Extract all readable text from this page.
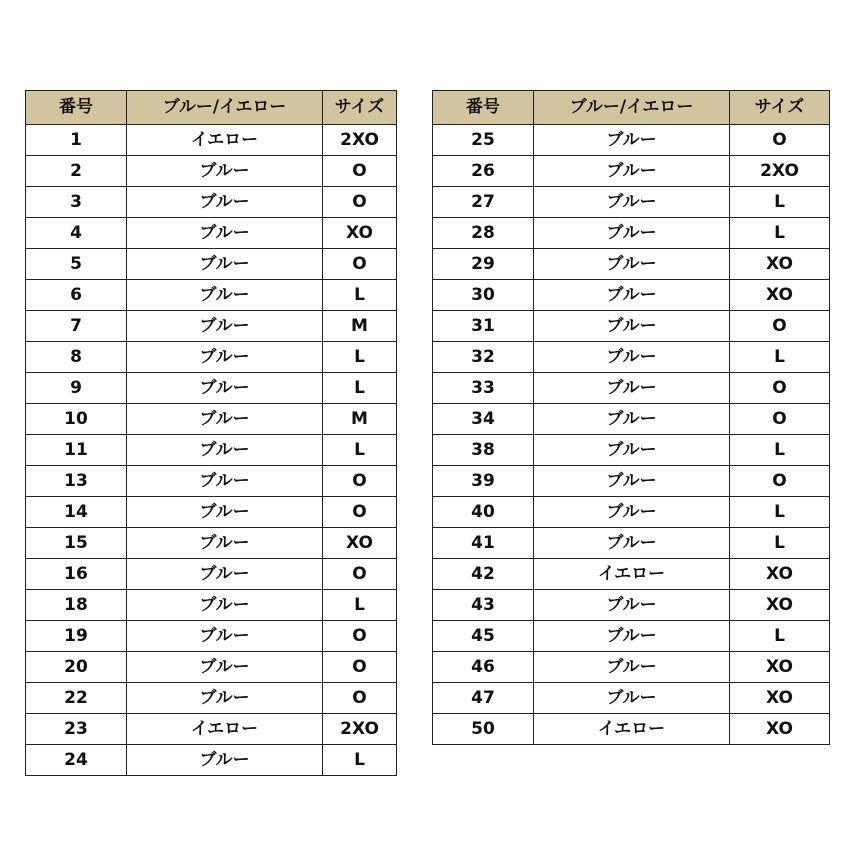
番号	ブルー/イエロー	サイズ
1	イエロー	2XO
2	ブルー	O
3	ブルー	O
4	ブルー	XO
5	ブルー	O
6	ブルー	L
7	ブルー	M
8	ブルー	L
9	ブルー	L
10	ブルー	M
11	ブルー	L
13	ブルー	O
14	ブルー	O
15	ブルー	XO
16	ブルー	O
18	ブルー	L
19	ブルー	O
20	ブルー	O
22	ブルー	O
23	イエロー	2XO
24	ブルー	L
番号	ブルー/イエロー	サイズ
25	ブルー	O
26	ブルー	2XO
27	ブルー	L
28	ブルー	L
29	ブルー	XO
30	ブルー	XO
31	ブルー	O
32	ブルー	L
33	ブルー	O
34	ブルー	O
38	ブルー	L
39	ブルー	O
40	ブルー	L
41	ブルー	L
42	イエロー	XO
43	ブルー	XO
45	ブルー	L
46	ブルー	XO
47	ブルー	XO
50	イエロー	XO
